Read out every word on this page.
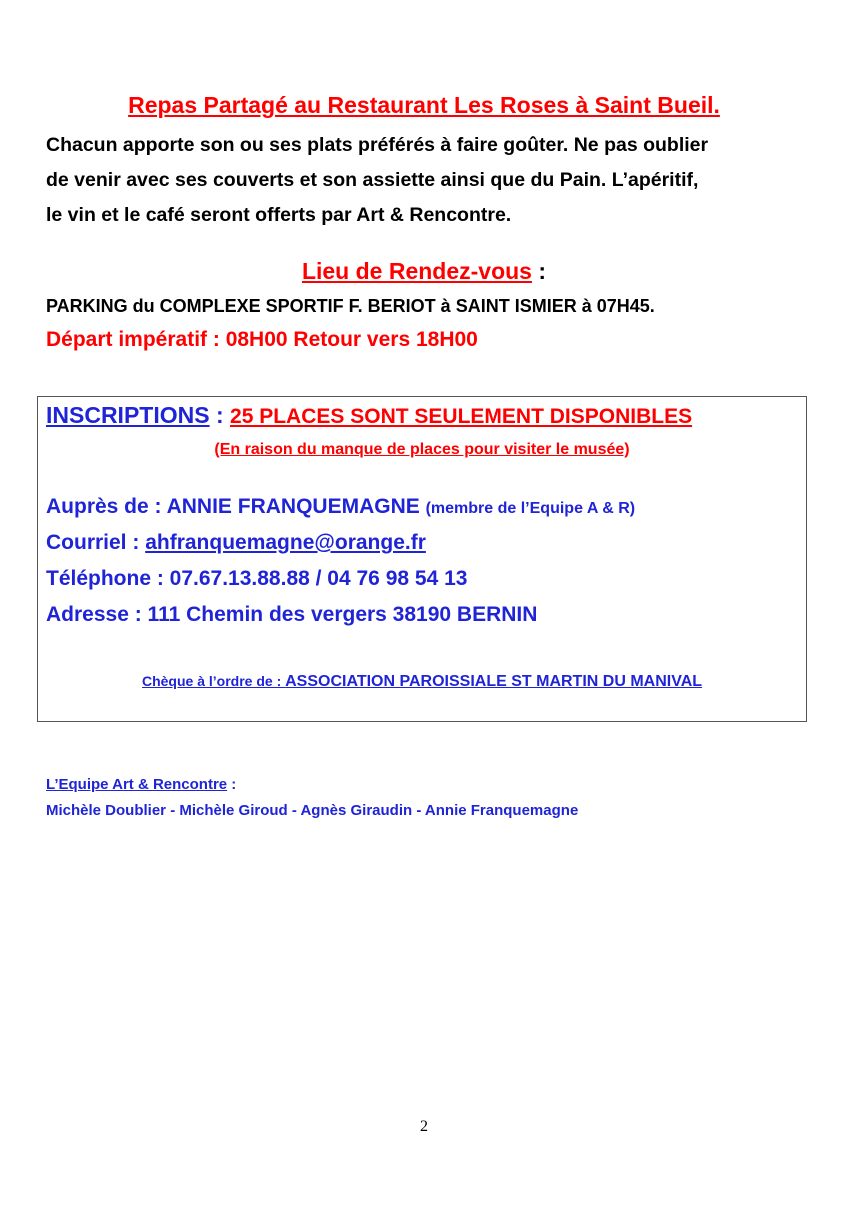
Repas Partagé au Restaurant Les Roses à Saint Bueil.
Chacun apporte son ou ses plats préférés à faire goûter. Ne pas oublier
de venir avec ses couverts et son assiette ainsi que du Pain. L’apéritif,
le vin et le café seront offerts par Art & Rencontre.
Lieu de Rendez-vous :

PARKING du COMPLEXE SPORTIF F. BERIOT à SAINT ISMIER à 07H45.

Départ impératif : 08H00 Retour vers 18H00

INSCRIPTIONS : 25 PLACES SONT SEULEMENT DISPONIBLES

(En raison du manque de places pour visiter le musée)

Auprès de : ANNIE FRANQUEMAGNE (membre de l’Equipe A & R)

Courriel : ahfranquemagne@orange.fr

Téléphone : 07.67.13.88.88 / 04 76 98 54 13

Adresse : 111 Chemin des vergers 38190 BERNIN

Chèque à l’ordre de : ASSOCIATION PAROISSIALE ST MARTIN DU MANIVAL

L’Equipe Art & Rencontre :

Michèle Doublier - Michèle Giroud - Agnès Giraudin - Annie Franquemagne

2
